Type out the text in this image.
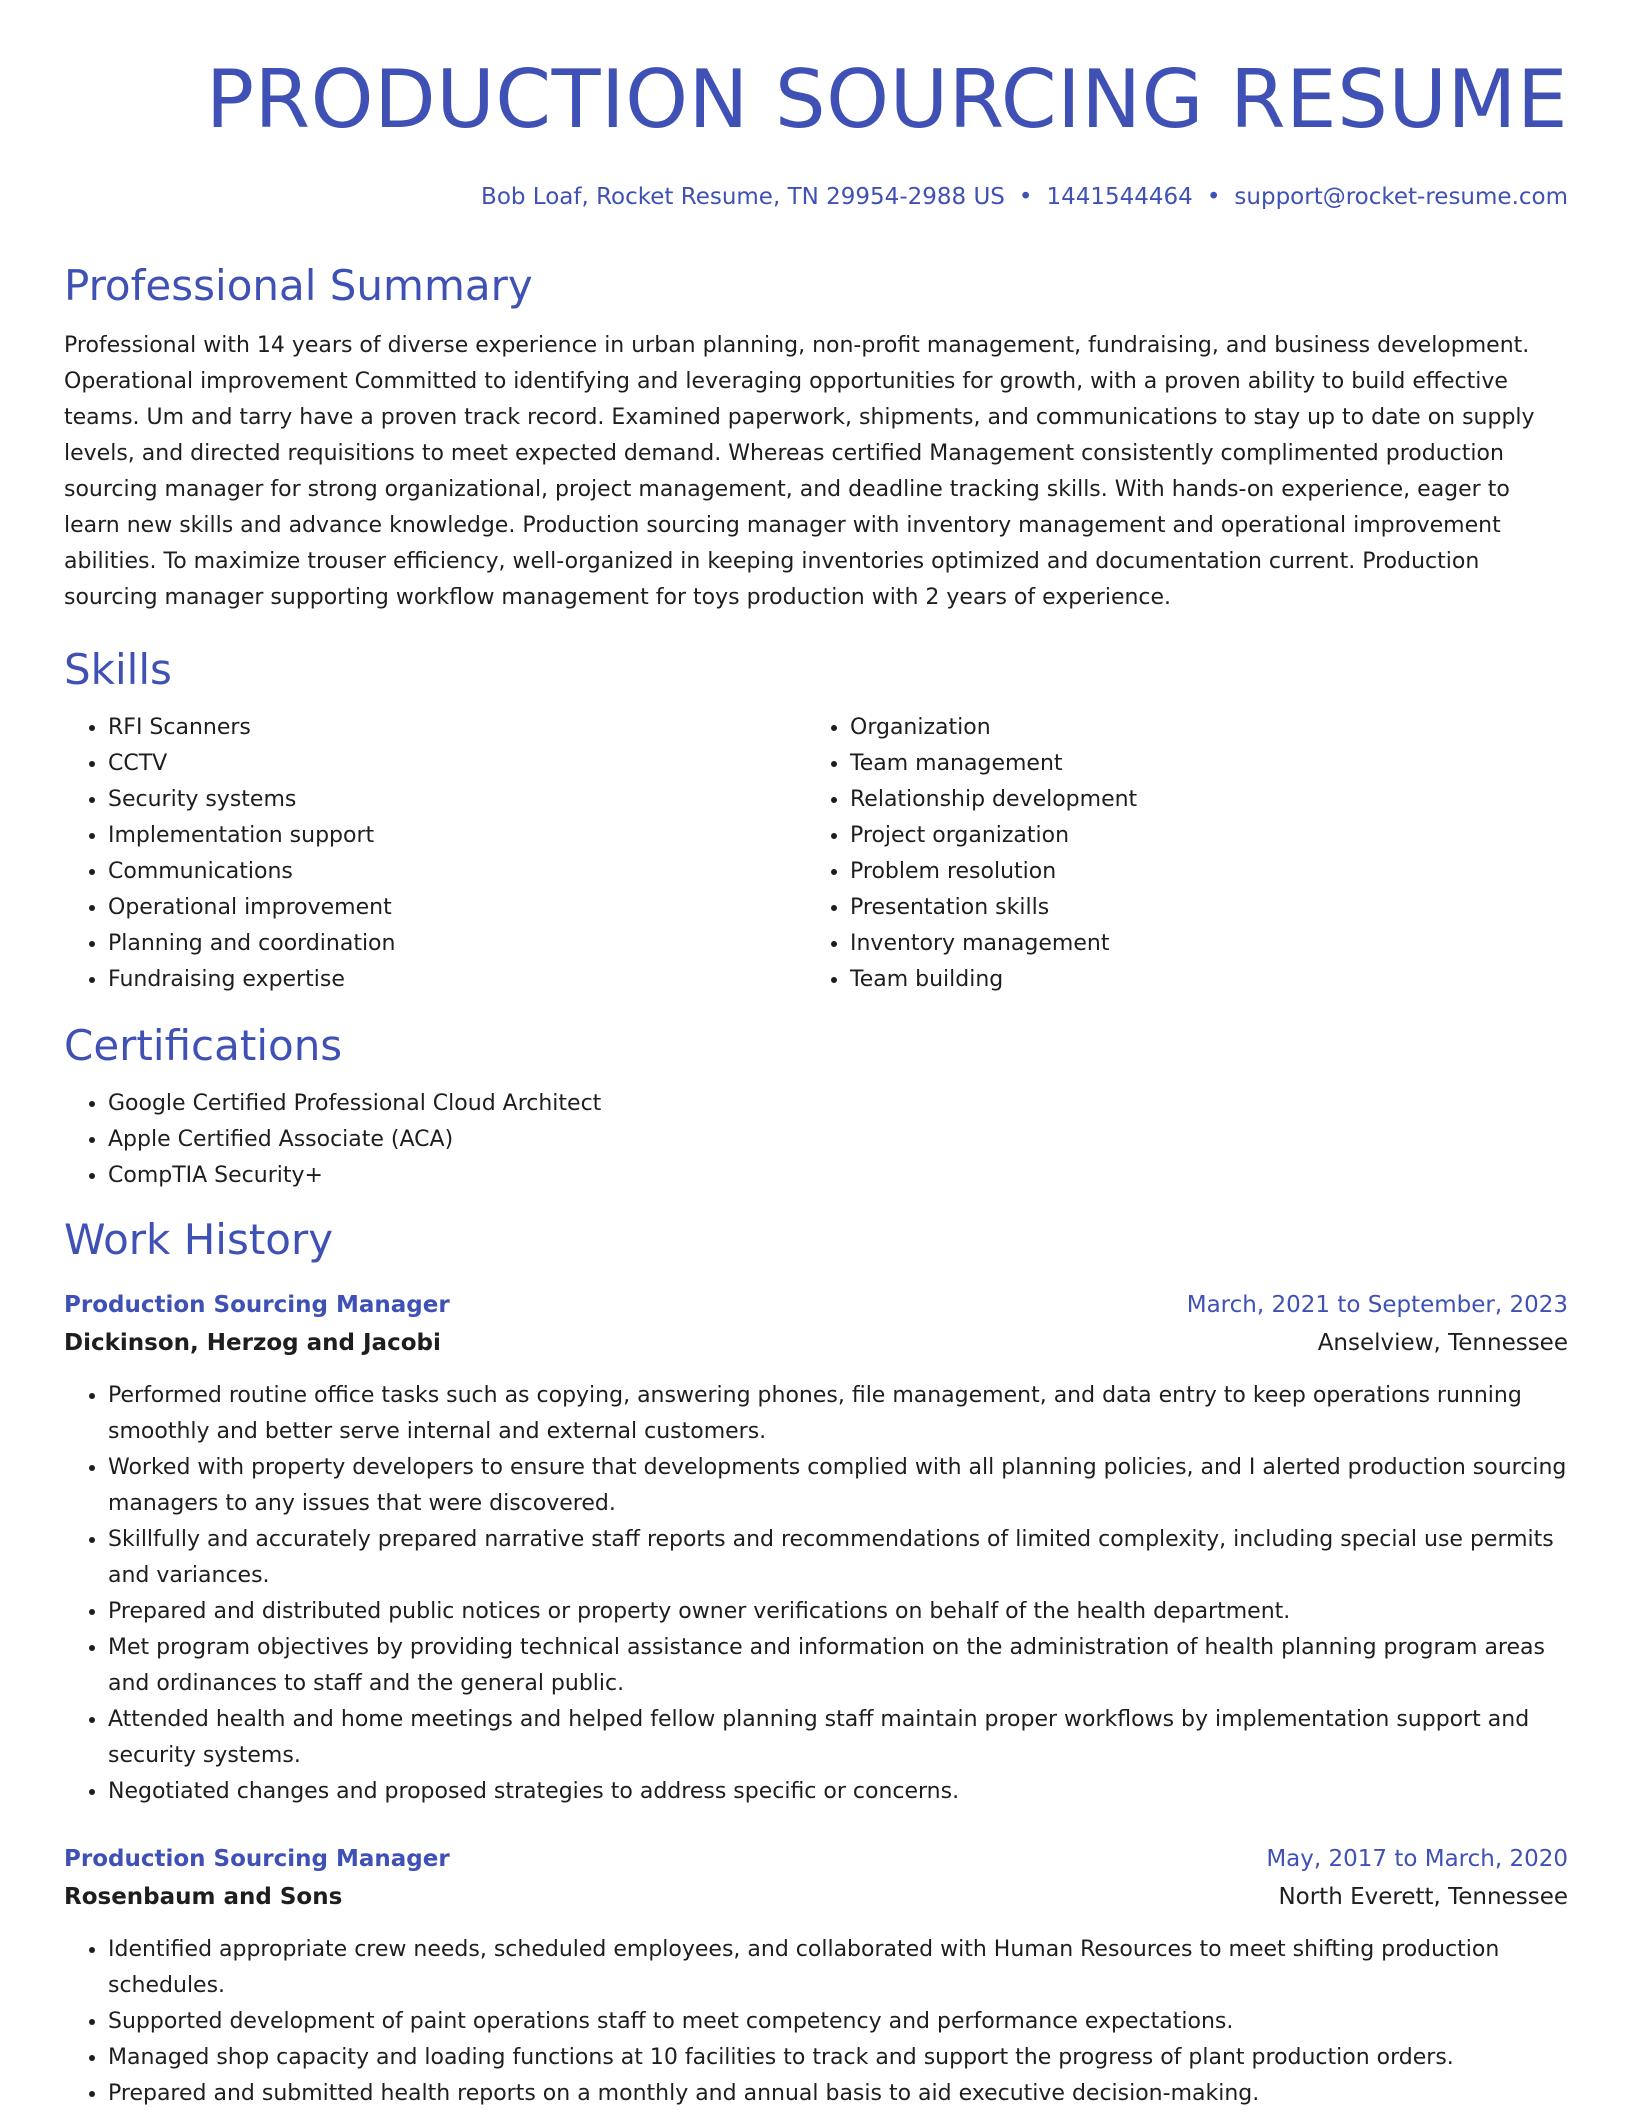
PRODUCTION SOURCING RESUME
Bob Loaf, Rocket Resume, TN 29954-2988 US • 1441544464 • support@rocket-resume.com
Professional Summary

Professional with 14 years of diverse experience in urban planning, non-profit management, fundraising, and business development. Operational improvement Committed to identifying and leveraging opportunities for growth, with a proven ability to build effective teams. Um and tarry have a proven track record. Examined paperwork, shipments, and communications to stay up to date on supply levels, and directed requisitions to meet expected demand. Whereas certified Management consistently complimented production sourcing manager for strong organizational, project management, and deadline tracking skills. With hands-on experience, eager to learn new skills and advance knowledge. Production sourcing manager with inventory management and operational improvement abilities. To maximize trouser efficiency, well-organized in keeping inventories optimized and documentation current. Production sourcing manager supporting workflow management for toys production with 2 years of experience.

Skills
• RFI Scanners
• CCTV
• Security systems
• Implementation support
• Communications
• Operational improvement
• Planning and coordination
• Fundraising expertise
• Organization
• Team management
• Relationship development
• Project organization
• Problem resolution
• Presentation skills
• Inventory management
• Team building
Certifications
• Google Certified Professional Cloud Architect
• Apple Certified Associate (ACA)
• CompTIA Security+
Work History
Production Sourcing Manager	March, 2021 to September, 2023
Dickinson, Herzog and Jacobi	Anselview, Tennessee
• Performed routine office tasks such as copying, answering phones, file management, and data entry to keep operations running smoothly and better serve internal and external customers.
• Worked with property developers to ensure that developments complied with all planning policies, and I alerted production sourcing managers to any issues that were discovered.
• Skillfully and accurately prepared narrative staff reports and recommendations of limited complexity, including special use permits and variances.
• Prepared and distributed public notices or property owner verifications on behalf of the health department.
• Met program objectives by providing technical assistance and information on the administration of health planning program areas and ordinances to staff and the general public.
• Attended health and home meetings and helped fellow planning staff maintain proper workflows by implementation support and security systems.
• Negotiated changes and proposed strategies to address specific or concerns.
Production Sourcing Manager	May, 2017 to March, 2020
Rosenbaum and Sons	North Everett, Tennessee
• Identified appropriate crew needs, scheduled employees, and collaborated with Human Resources to meet shifting production schedules.
• Supported development of paint operations staff to meet competency and performance expectations.
• Managed shop capacity and loading functions at 10 facilities to track and support the progress of plant production orders.
• Prepared and submitted health reports on a monthly and annual basis to aid executive decision-making.
